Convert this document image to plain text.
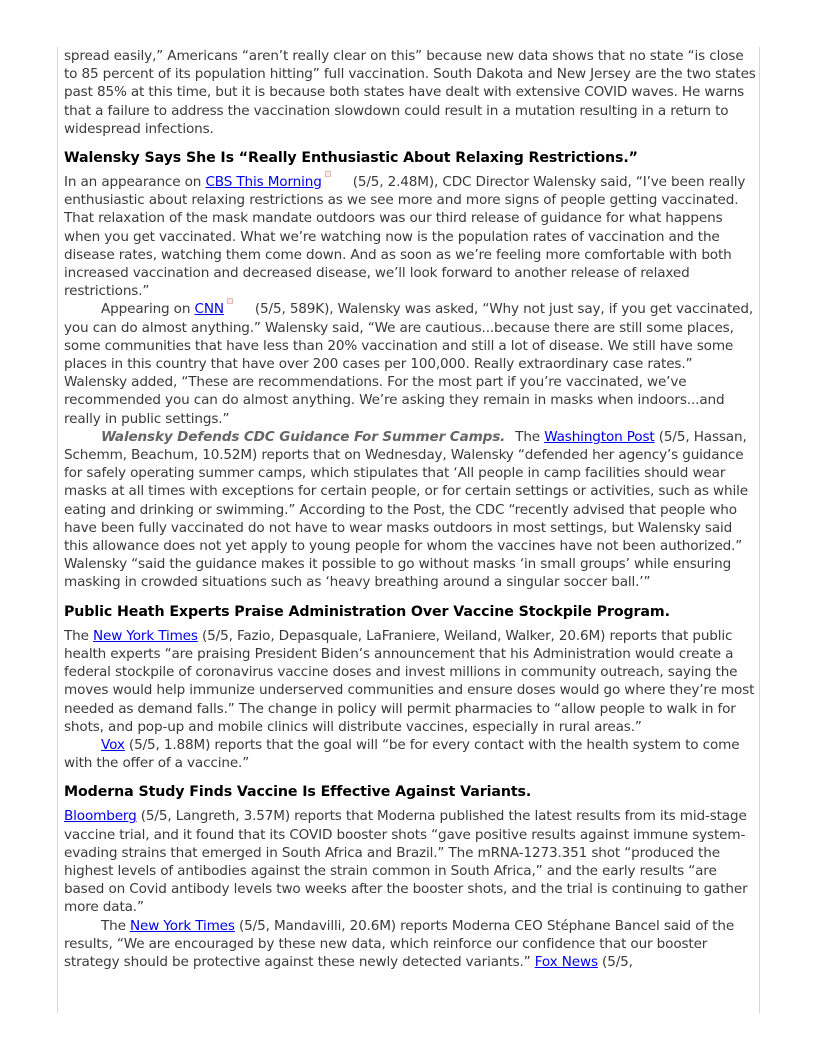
spread easily,” Americans “aren’t really clear on this” because new data shows that no state “is close to 85 percent of its population hitting” full vaccination. South Dakota and New Jersey are the two states past 85% at this time, but it is because both states have dealt with extensive COVID waves. He warns that a failure to address the vaccination slowdown could result in a mutation resulting in a return to widespread infections.

Walensky Says She Is “Really Enthusiastic About Relaxing Restrictions.”

In an appearance on CBS This Morning (5/5, 2.48M), CDC Director Walensky said, “I’ve been really enthusiastic about relaxing restrictions as we see more and more signs of people getting vaccinated. That relaxation of the mask mandate outdoors was our third release of guidance for what happens when you get vaccinated. What we’re watching now is the population rates of vaccination and the disease rates, watching them come down. And as soon as we’re feeling more comfortable with both increased vaccination and decreased disease, we’ll look forward to another release of relaxed restrictions.”

Appearing on CNN (5/5, 589K), Walensky was asked, “Why not just say, if you get vaccinated, you can do almost anything.” Walensky said, “We are cautious...because there are still some places, some communities that have less than 20% vaccination and still a lot of disease. We still have some places in this country that have over 200 cases per 100,000. Really extraordinary case rates.” Walensky added, “These are recommendations. For the most part if you’re vaccinated, we’ve recommended you can do almost anything. We’re asking they remain in masks when indoors...and really in public settings.”

Walensky Defends CDC Guidance For Summer Camps. The Washington Post (5/5, Hassan, Schemm, Beachum, 10.52M) reports that on Wednesday, Walensky “defended her agency’s guidance for safely operating summer camps, which stipulates that ‘All people in camp facilities should wear masks at all times with exceptions for certain people, or for certain settings or activities, such as while eating and drinking or swimming.” According to the Post, the CDC “recently advised that people who have been fully vaccinated do not have to wear masks outdoors in most settings, but Walensky said this allowance does not yet apply to young people for whom the vaccines have not been authorized.” Walensky “said the guidance makes it possible to go without masks ‘in small groups’ while ensuring masking in crowded situations such as ‘heavy breathing around a singular soccer ball.’”

Public Heath Experts Praise Administration Over Vaccine Stockpile Program.

The New York Times (5/5, Fazio, Depasquale, LaFraniere, Weiland, Walker, 20.6M) reports that public health experts “are praising President Biden’s announcement that his Administration would create a federal stockpile of coronavirus vaccine doses and invest millions in community outreach, saying the moves would help immunize underserved communities and ensure doses would go where they’re most needed as demand falls.” The change in policy will permit pharmacies to “allow people to walk in for shots, and pop-up and mobile clinics will distribute vaccines, especially in rural areas.”

Vox (5/5, 1.88M) reports that the goal will “be for every contact with the health system to come with the offer of a vaccine.”

Moderna Study Finds Vaccine Is Effective Against Variants.

Bloomberg (5/5, Langreth, 3.57M) reports that Moderna published the latest results from its mid-stage vaccine trial, and it found that its COVID booster shots “gave positive results against immune system-evading strains that emerged in South Africa and Brazil.” The mRNA-1273.351 shot “produced the highest levels of antibodies against the strain common in South Africa,” and the early results “are based on Covid antibody levels two weeks after the booster shots, and the trial is continuing to gather more data.”

The New York Times (5/5, Mandavilli, 20.6M) reports Moderna CEO Stéphane Bancel said of the results, “We are encouraged by these new data, which reinforce our confidence that our booster strategy should be protective against these newly detected variants.” Fox News (5/5,
